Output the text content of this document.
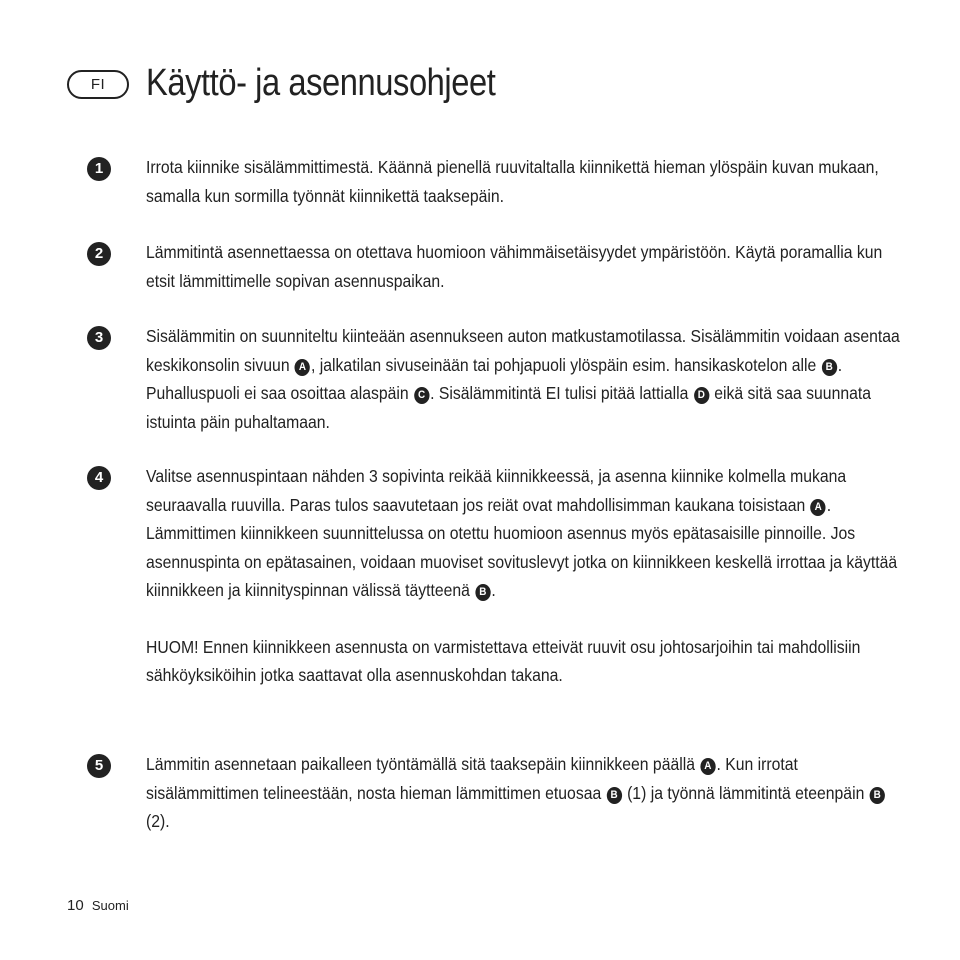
FI	Käyttö- ja asennusohjeet
1	Irrota kiinnike sisälämmittimestä. Käännä pienellä ruuvitaltalla kiinnikettä hieman ylöspäin kuvan mukaan, samalla kun sormilla työnnät kiinnikettä taaksepäin.

2	Lämmitintä asennettaessa on otettava huomioon vähimmäisetäisyydet ympäristöön. Käytä poramallia kun etsit lämmittimelle sopivan asennuspaikan.

3	Sisälämmitin on suunniteltu kiinteään asennukseen auton matkustamotilassa. Sisälämmitin voidaan asentaa keskikonsolin sivuun A , jalkatilan sivuseinään tai pohjapuoli ylöspäin esim. hansikaskotelon alle B . Puhalluspuoli ei saa osoittaa alaspäin C . Sisälämmitintä EI tulisi pitää lattialla D eikä sitä saa suunnata istuinta päin puhaltamaan.

4	Valitse asennuspintaan nähden 3 sopivinta reikää kiinnikkeessä, ja asenna kiinnike kolmella mukana seuraavalla ruuvilla. Paras tulos saavutetaan jos reiät ovat mahdollisimman kaukana toisistaan A . Lämmittimen kiinnikkeen suunnittelussa on otettu huomioon asennus myös epätasaisille pinnoille. Jos asennuspinta on epätasainen, voidaan muoviset sovituslevyt jotka on kiinnikkeen keskellä irrottaa ja käyttää kiinnikkeen ja kiinnityspinnan välissä täytteenä B .

HUOM! Ennen kiinnikkeen asennusta on varmistettava etteivät ruuvit osu johtosarjoihin tai mahdollisiin sähköyksiköihin jotka saattavat olla asennuskohdan takana.

5	Lämmitin asennetaan paikalleen työntämällä sitä taaksepäin kiinnikkeen päällä A . Kun irrotat sisälämmittimen telineestään, nosta hieman lämmittimen etuosaa B (1) ja työnnä lämmitintä eteenpäin B (2).

10 Suomi
